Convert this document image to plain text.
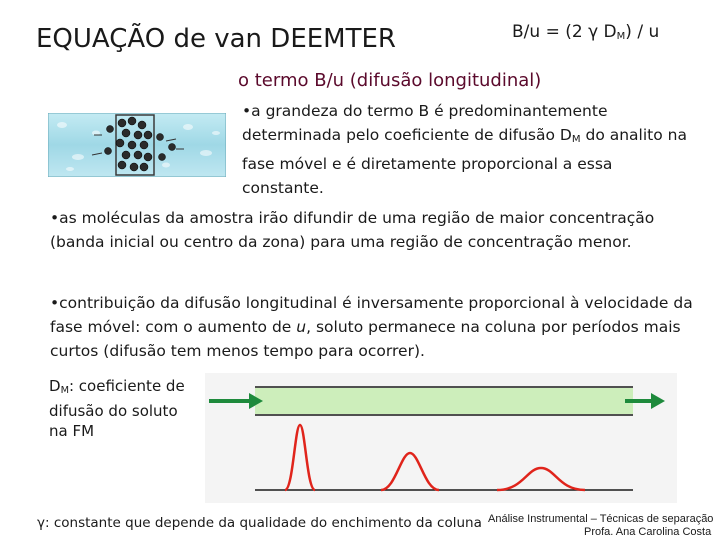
EQUAÇÃO de van DEEMTER	B/u = (2 γ $D_M$) / u
o termo B/u (difusão longitudinal)
•a grandeza do termo B é predominantemente determinada pelo coeficiente de difusão $D_M$ do analito na fase móvel e é diretamente proporcional a essa constante.
•as moléculas da amostra irão difundir de uma região de maior concentração (banda inicial ou centro da zona) para uma região de concentração menor.
•contribuição da difusão longitudinal é inversamente proporcional à velocidade da fase móvel: com o aumento de u, soluto permanece na coluna por períodos mais curtos (difusão tem menos tempo para ocorrer).
$D_M$: coeficiente de difusão do soluto na FM
γ: constante que depende da qualidade do enchimento da coluna Análise Instrumental – Técnicas de separação
Profa. Ana Carolina Costa
